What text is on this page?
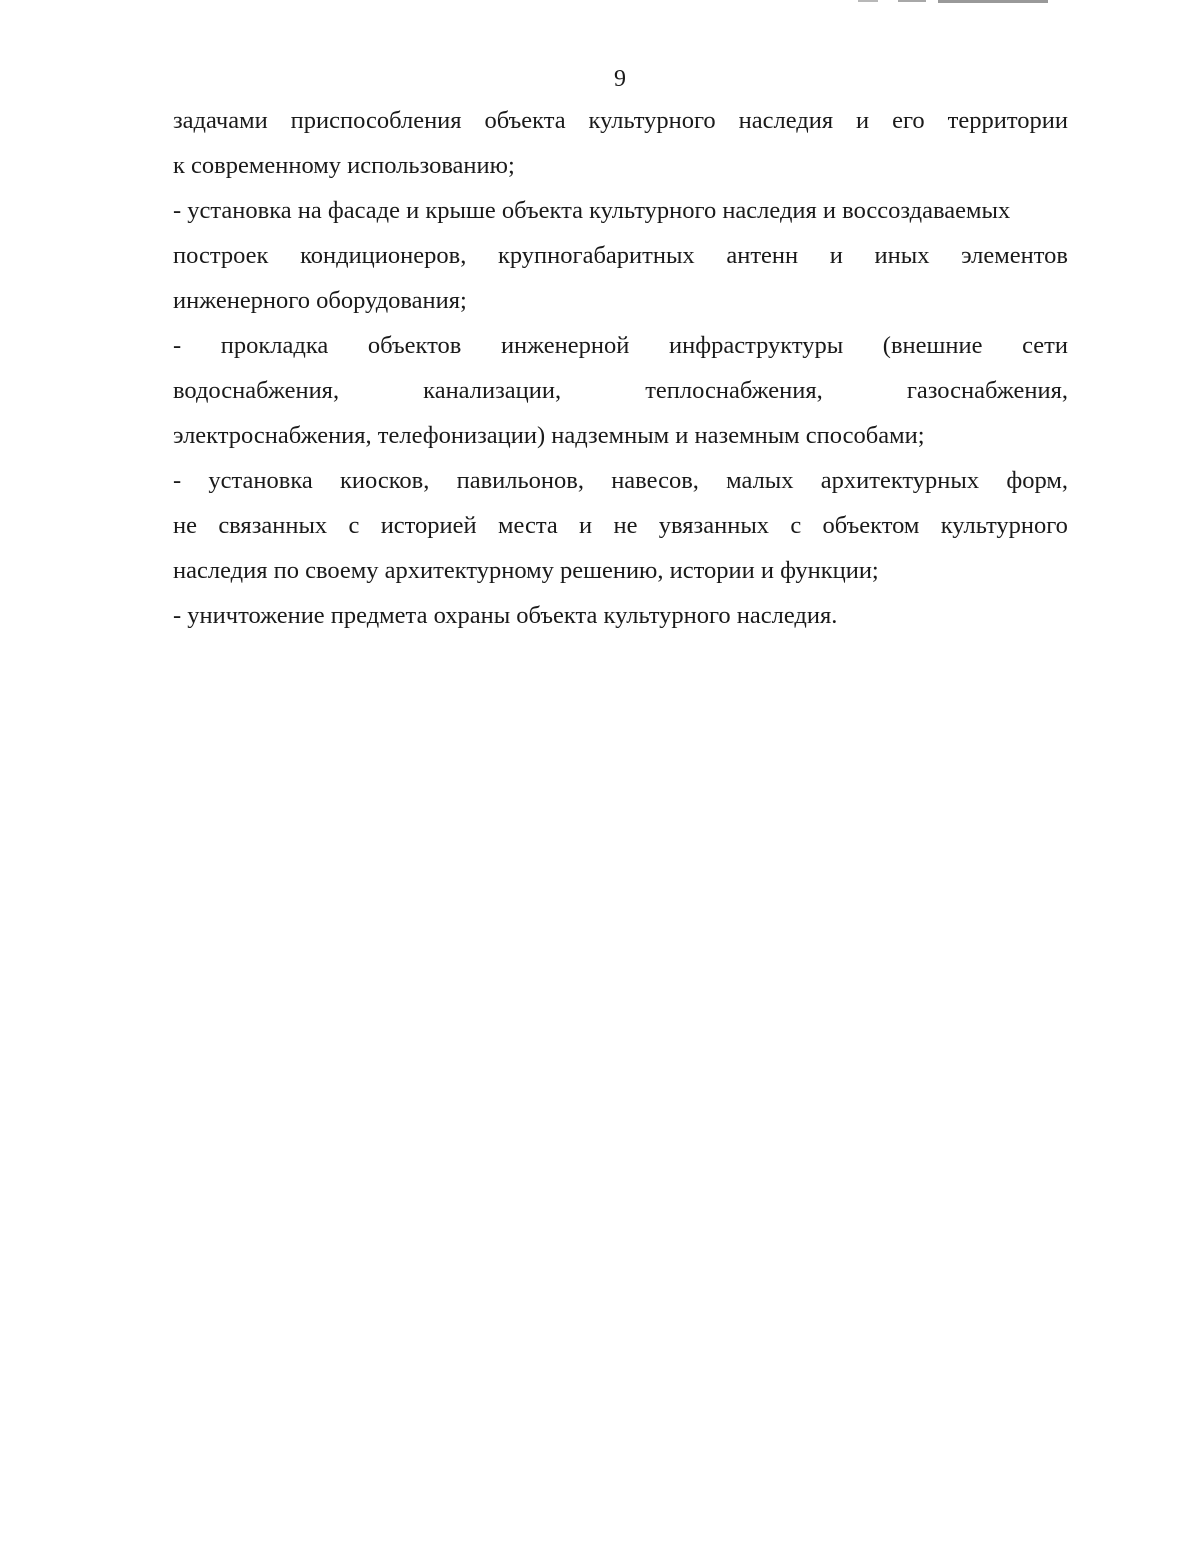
9
задачами приспособления объекта культурного наследия и его территории
к современному использованию;
- установка на фасаде и крыше объекта культурного наследия и воссоздаваемых
построек кондиционеров, крупногабаритных антенн и иных элементов
инженерного оборудования;
- прокладка объектов инженерной инфраструктуры (внешние сети
водоснабжения,	канализации,	теплоснабжения,	газоснабжения,
электроснабжения, телефонизации) надземным и наземным способами;
- установка киосков, павильонов, навесов, малых архитектурных форм,
не связанных с историей места и не увязанных с объектом культурного
наследия по своему архитектурному решению, истории и функции;
- уничтожение предмета охраны объекта культурного наследия.
